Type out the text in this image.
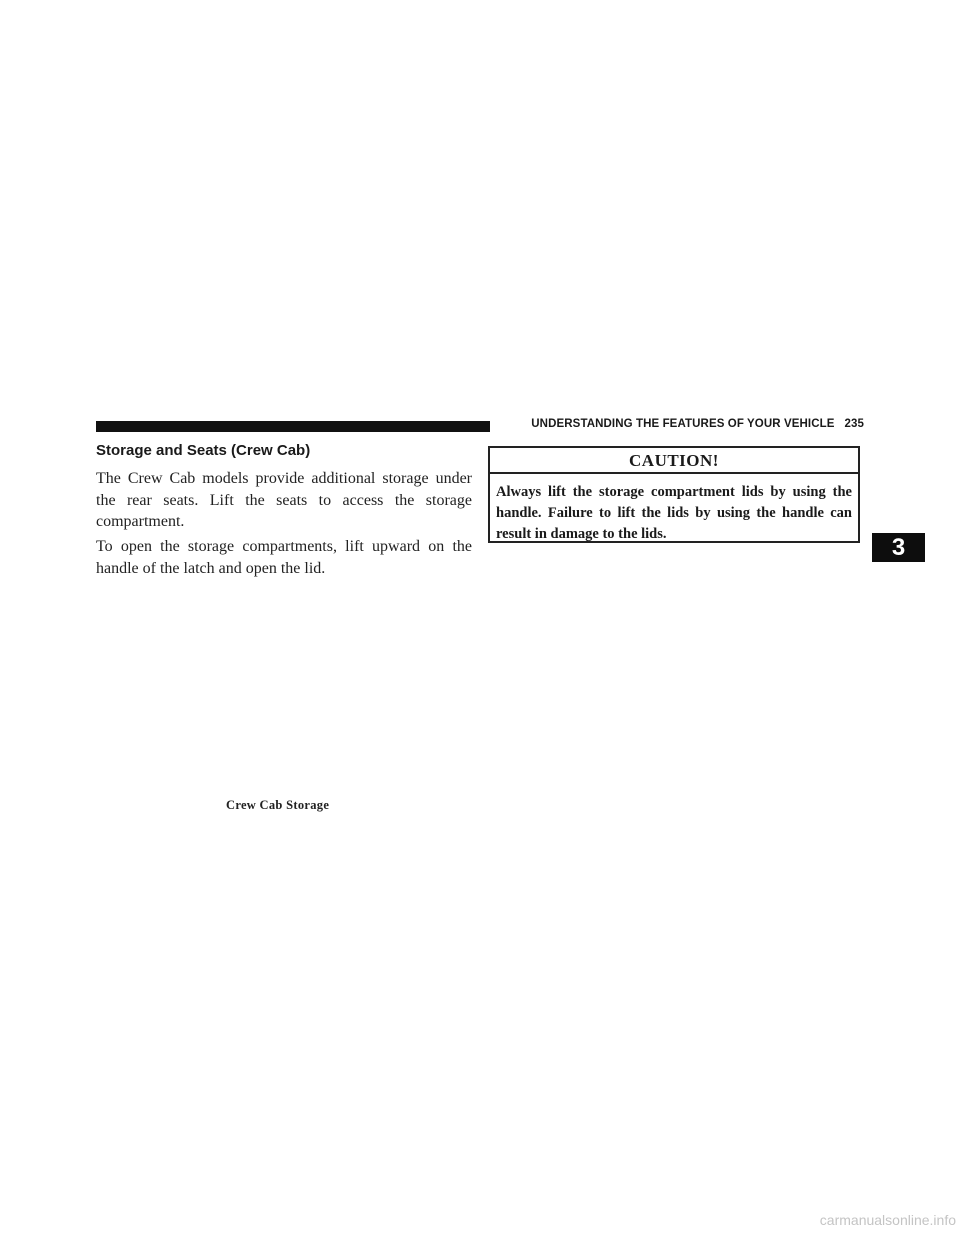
UNDERSTANDING THE FEATURES OF YOUR VEHICLE 235
Storage and Seats (Crew Cab)

The Crew Cab models provide additional storage under the rear seats. Lift the seats to access the storage compartment.

To open the storage compartments, lift upward on the handle of the latch and open the lid.

Crew Cab Storage
CAUTION!
Always lift the storage compartment lids by using the handle. Failure to lift the lids by using the handle can result in damage to the lids.	3
carmanualsonline.info
